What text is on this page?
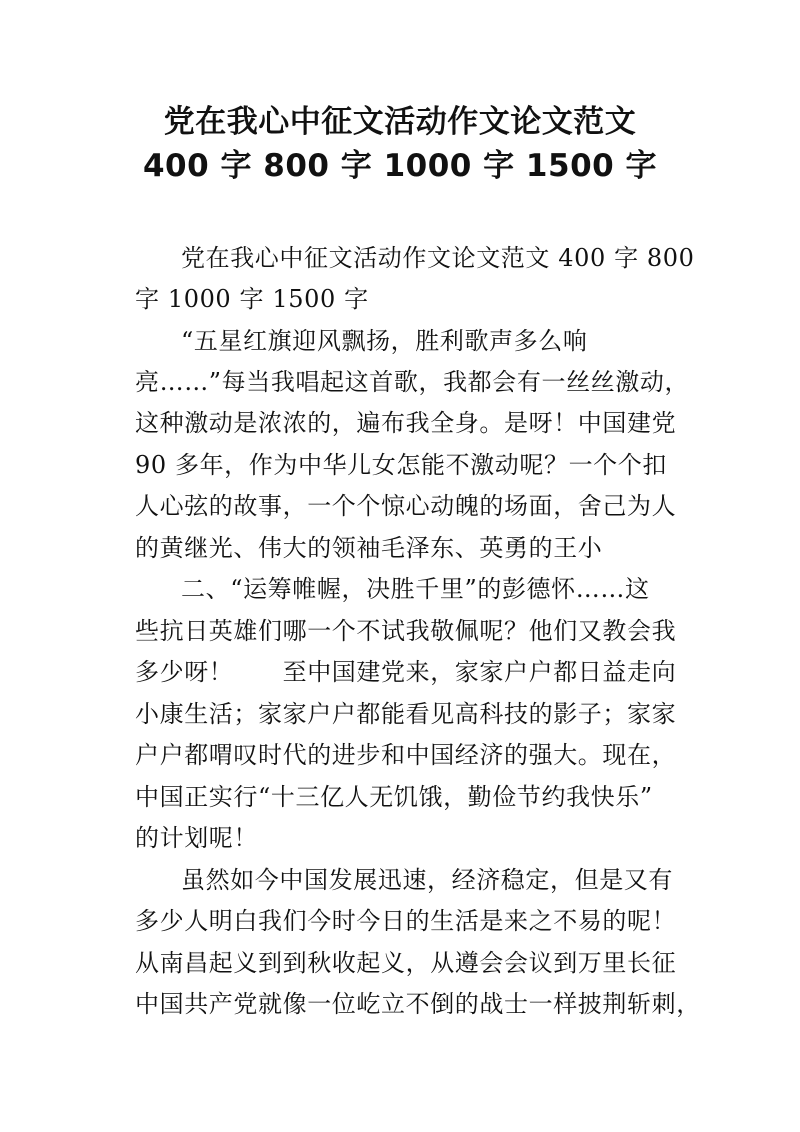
党在我心中征文活动作文论文范文
400 字 800 字 1000 字 1500 字
党在我心中征文活动作文论文范文 400 字 800
字 1000 字 1500 字
“五星红旗迎风飘扬，胜利歌声多么响
亮……”每当我唱起这首歌，我都会有一丝丝激动，
这种激动是浓浓的，遍布我全身。是呀！中国建党
90 多年，作为中华儿女怎能不激动呢？一个个扣
人心弦的故事，一个个惊心动魄的场面，舍己为人
的黄继光、伟大的领袖毛泽东、英勇的王小
二、“运筹帷幄，决胜千里”的彭德怀……这
些抗日英雄们哪一个不试我敬佩呢？他们又教会我
多少呀！　　至中国建党来，家家户户都日益走向
小康生活；家家户户都能看见高科技的影子；家家
户户都喟叹时代的进步和中国经济的强大。现在，
中国正实行“十三亿人无饥饿，勤俭节约我快乐”
的计划呢！
虽然如今中国发展迅速，经济稳定，但是又有
多少人明白我们今时今日的生活是来之不易的呢！
从南昌起义到到秋收起义，从遵会会议到万里长征
中国共产党就像一位屹立不倒的战士一样披荆斩刺，
